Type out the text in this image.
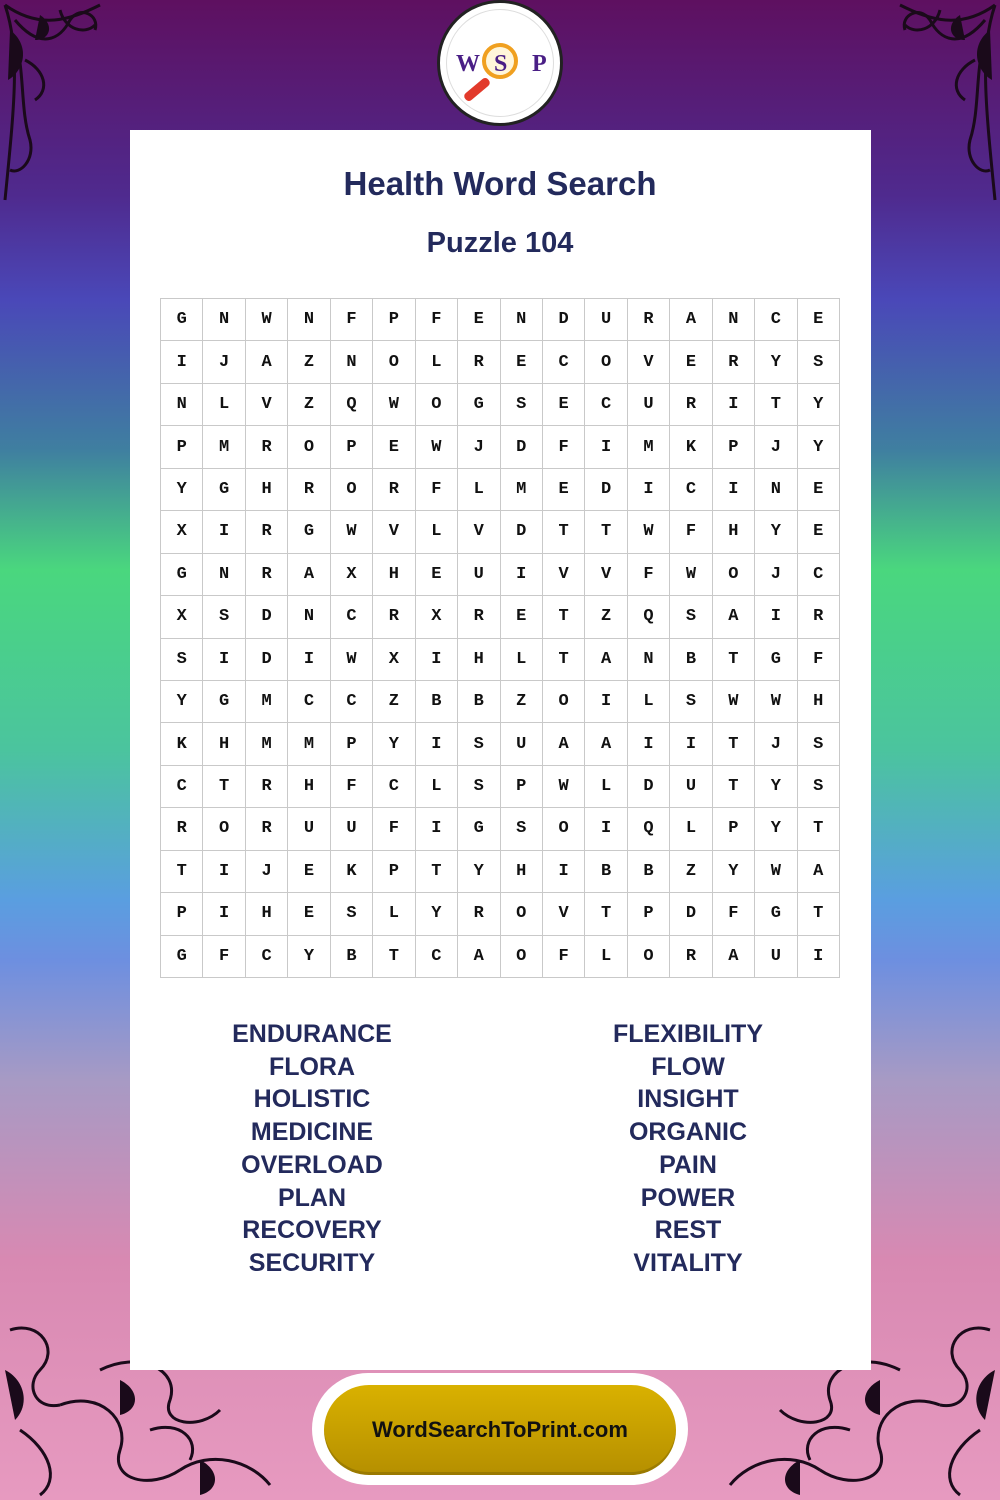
W S P
Health Word Search
Puzzle 104
G	N	W	N	F	P	F	E	N	D	U	R	A	N	C	E
I	J	A	Z	N	O	L	R	E	C	O	V	E	R	Y	S
N	L	V	Z	Q	W	O	G	S	E	C	U	R	I	T	Y
P	M	R	O	P	E	W	J	D	F	I	M	K	P	J	Y
Y	G	H	R	O	R	F	L	M	E	D	I	C	I	N	E
X	I	R	G	W	V	L	V	D	T	T	W	F	H	Y	E
G	N	R	A	X	H	E	U	I	V	V	F	W	O	J	C
X	S	D	N	C	R	X	R	E	T	Z	Q	S	A	I	R
S	I	D	I	W	X	I	H	L	T	A	N	B	T	G	F
Y	G	M	C	C	Z	B	B	Z	O	I	L	S	W	W	H
K	H	M	M	P	Y	I	S	U	A	A	I	I	T	J	S
C	T	R	H	F	C	L	S	P	W	L	D	U	T	Y	S
R	O	R	U	U	F	I	G	S	O	I	Q	L	P	Y	T
T	I	J	E	K	P	T	Y	H	I	B	B	Z	Y	W	A
P	I	H	E	S	L	Y	R	O	V	T	P	D	F	G	T
G	F	C	Y	B	T	C	A	O	F	L	O	R	A	U	I
ENDURANCE
FLORA
HOLISTIC
MEDICINE
OVERLOAD
PLAN
RECOVERY
SECURITY
FLEXIBILITY
FLOW
INSIGHT
ORGANIC
PAIN
POWER
REST
VITALITY
WordSearchToPrint.com
